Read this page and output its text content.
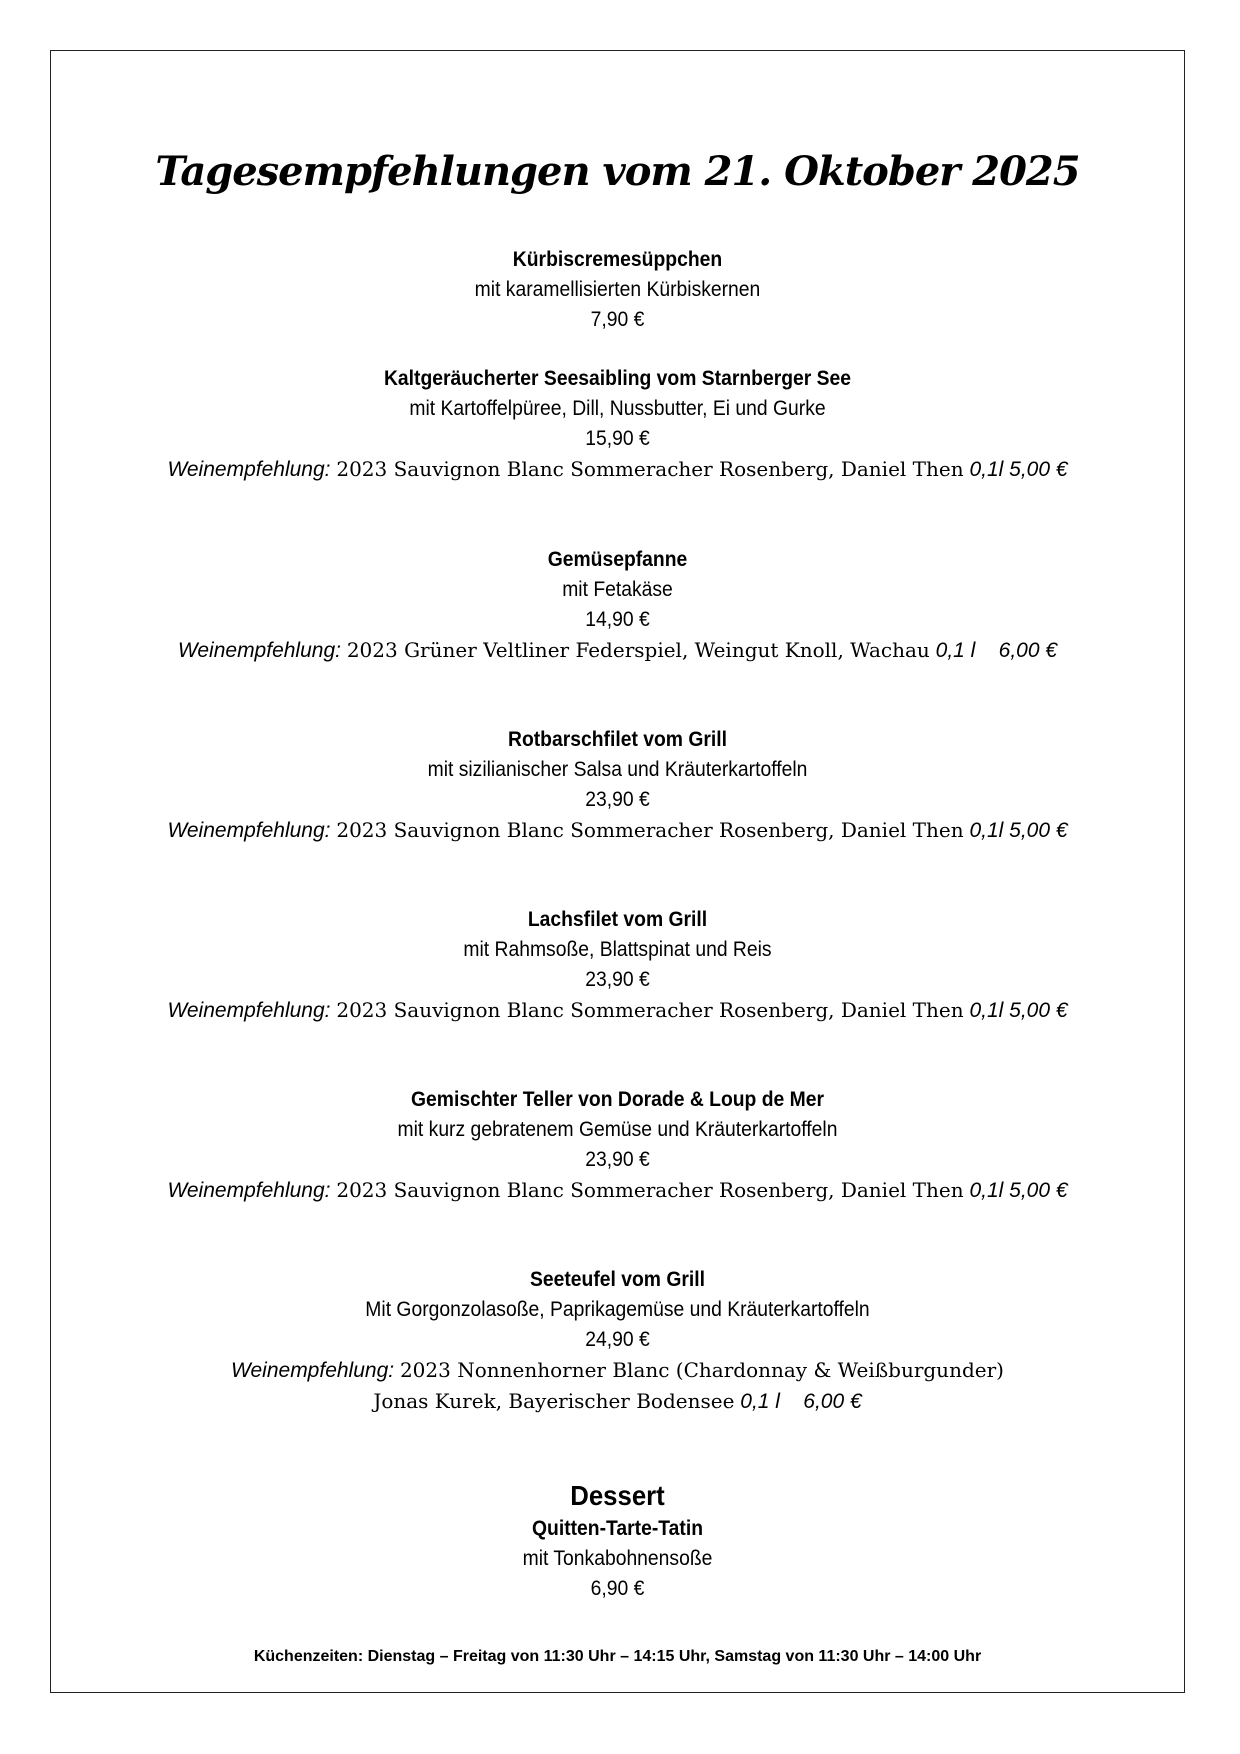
Tagesempfehlungen vom 21. Oktober 2025
Kürbiscremesüppchen
mit karamellisierten Kürbiskernen
7,90 €
Kaltgeräucherter Seesaibling vom Starnberger See
mit Kartoffelpüree, Dill, Nussbutter, Ei und Gurke
15,90 €
Weinempfehlung: 2023 Sauvignon Blanc Sommeracher Rosenberg, Daniel Then 0,1l 5,00 €
Gemüsepfanne
mit Fetakäse
14,90 €
Weinempfehlung: 2023 Grüner Veltliner Federspiel, Weingut Knoll, Wachau 0,1 l    6,00 €
Rotbarschfilet vom Grill
mit sizilianischer Salsa und Kräuterkartoffeln
23,90 €
Weinempfehlung: 2023 Sauvignon Blanc Sommeracher Rosenberg, Daniel Then 0,1l 5,00 €
Lachsfilet vom Grill
mit Rahmsoße, Blattspinat und Reis
23,90 €
Weinempfehlung: 2023 Sauvignon Blanc Sommeracher Rosenberg, Daniel Then 0,1l 5,00 €
Gemischter Teller von Dorade & Loup de Mer
mit kurz gebratenem Gemüse und Kräuterkartoffeln
23,90 €
Weinempfehlung: 2023 Sauvignon Blanc Sommeracher Rosenberg, Daniel Then 0,1l 5,00 €
Seeteufel vom Grill
Mit Gorgonzolasoße, Paprikagemüse und Kräuterkartoffeln
24,90 €
Weinempfehlung: 2023 Nonnenhorner Blanc (Chardonnay & Weißburgunder)
Jonas Kurek, Bayerischer Bodensee 0,1 l    6,00 €
Dessert
Quitten-Tarte-Tatin
mit Tonkabohnensoße
6,90 €
Küchenzeiten: Dienstag – Freitag von 11:30 Uhr – 14:15 Uhr, Samstag von 11:30 Uhr – 14:00 Uhr
